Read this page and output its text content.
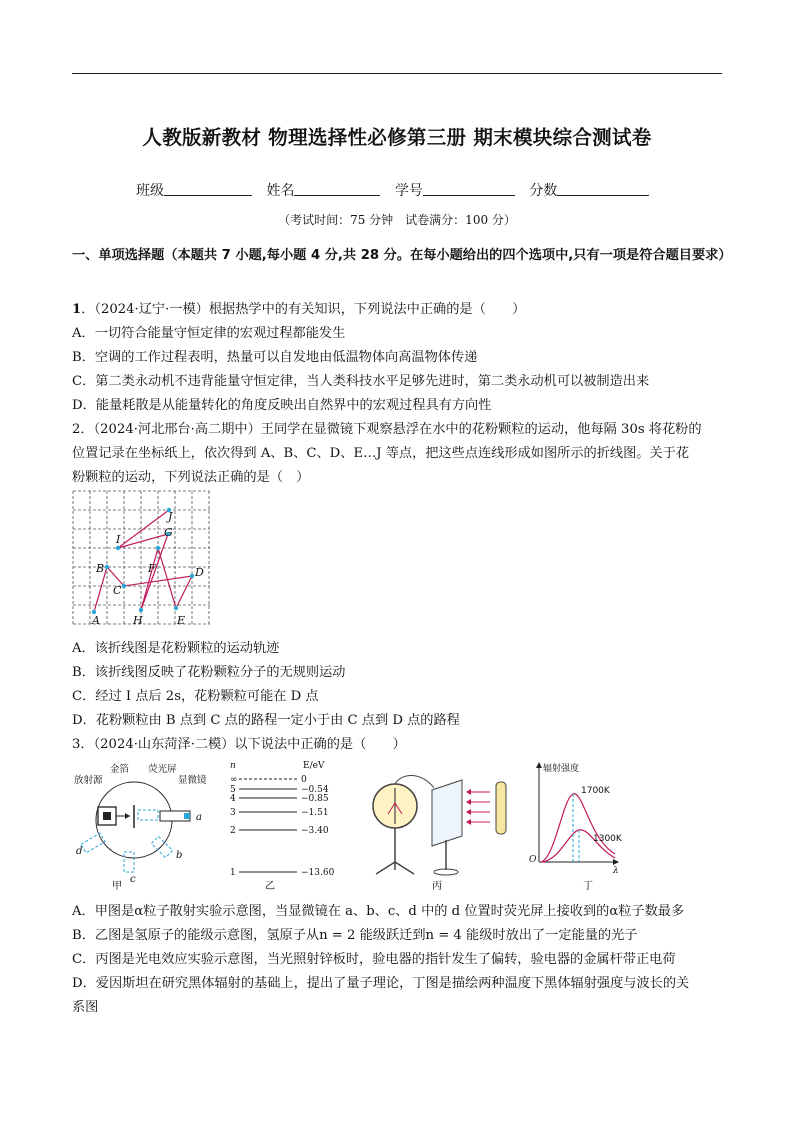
人教版新教材 物理选择性必修第三册 期末模块综合测试卷
班级	姓名	学号	分数
（考试时间：75 分钟　试卷满分：100 分）
一、单项选择题（本题共 7 小题,每小题 4 分,共 28 分。在每小题给出的四个选项中,只有一项是符合题目要求）
1．（2024·辽宁·一模）根据热学中的有关知识，下列说法中正确的是（　　）
A．一切符合能量守恒定律的宏观过程都能发生
B．空调的工作过程表明，热量可以自发地由低温物体向高温物体传递
C．第二类永动机不违背能量守恒定律，当人类科技水平足够先进时，第二类永动机可以被制造出来
D．能量耗散是从能量转化的角度反映出自然界中的宏观过程具有方向性
2．（2024·河北邢台·高二期中）王同学在显微镜下观察悬浮在水中的花粉颗粒的运动，他每隔 30s 将花粉的
位置记录在坐标纸上，依次得到 A、B、C、D、E…J 等点，把这些点连线形成如图所示的折线图。关于花
粉颗粒的运动，下列说法正确的是（　）
A
B
C
D
E
F
G
H
I
J
A．该折线图是花粉颗粒的运动轨迹
B．该折线图反映了花粉颗粒分子的无规则运动
C．经过 I 点后 2s，花粉颗粒可能在 D 点
D．花粉颗粒由 B 点到 C 点的路程一定小于由 C 点到 D 点的路程
3．（2024·山东菏泽·二模）以下说法中正确的是（　　）
放射源
金箔 荧光屏
显微镜
a
b
c
d
甲
n	E/eV
∞	0
5	−0.54
4	−0.85
3	−1.51
2	−3.40
1	−13.60
乙	丙
辐射强度
1700K
1300K
O
λ
丁
A．甲图是α粒子散射实验示意图，当显微镜在 a、b、c、d 中的 d 位置时荧光屏上接收到的α粒子数最多
B．乙图是氢原子的能级示意图，氢原子从n = 2 能级跃迁到n = 4 能级时放出了一定能量的光子
C．丙图是光电效应实验示意图，当光照射锌板时，验电器的指针发生了偏转，验电器的金属杆带正电荷
D．爱因斯坦在研究黑体辐射的基础上，提出了量子理论，丁图是描绘两种温度下黑体辐射强度与波长的关
系图
